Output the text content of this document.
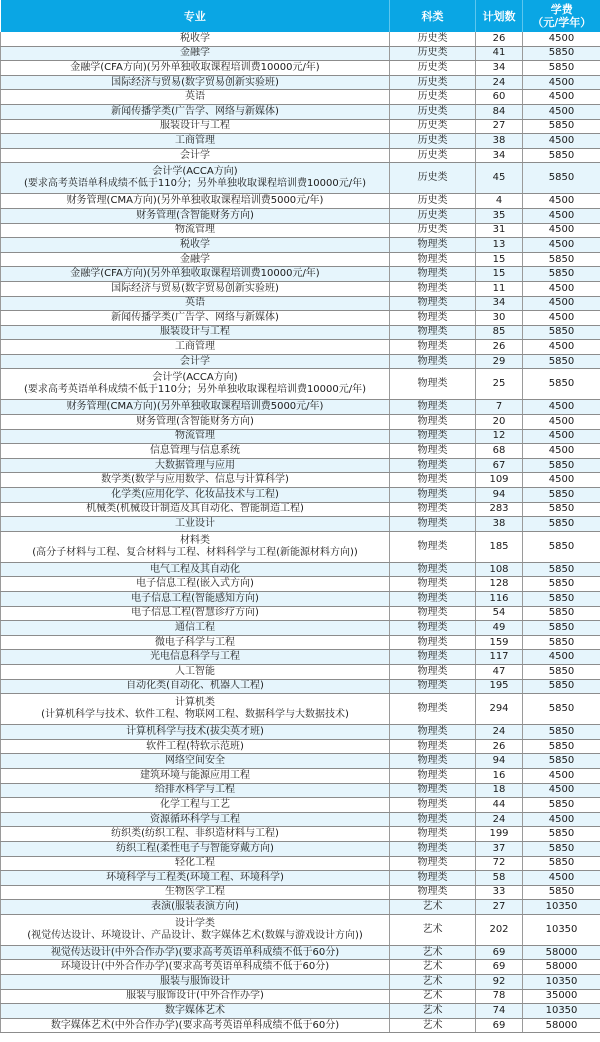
专业	科类	计划数	学费
（元/学年）

税收学	历史类	26	4500

金融学	历史类	41	5850

金融学(CFA方向)(另外单独收取课程培训费10000元/年)	历史类	34	5850

国际经济与贸易(数字贸易创新实验班)	历史类	24	4500

英语	历史类	60	4500

新闻传播学类(广告学、网络与新媒体)	历史类	84	4500

服装设计与工程	历史类	27	5850

工商管理	历史类	38	4500

会计学	历史类	34	5850

会计学(ACCA方向)
(要求高考英语单科成绩不低于110分；另外单独收取课程培训费10000元/年)	历史类	45	5850

财务管理(CMA方向)(另外单独收取课程培训费5000元/年)	历史类	4	4500

财务管理(含智能财务方向)	历史类	35	4500

物流管理	历史类	31	4500

税收学	物理类	13	4500

金融学	物理类	15	5850

金融学(CFA方向)(另外单独收取课程培训费10000元/年)	物理类	15	5850

国际经济与贸易(数字贸易创新实验班)	物理类	11	4500

英语	物理类	34	4500

新闻传播学类(广告学、网络与新媒体)	物理类	30	4500

服装设计与工程	物理类	85	5850

工商管理	物理类	26	4500

会计学	物理类	29	5850

会计学(ACCA方向)
(要求高考英语单科成绩不低于110分；另外单独收取课程培训费10000元/年)	物理类	25	5850

财务管理(CMA方向)(另外单独收取课程培训费5000元/年)	物理类	7	4500

财务管理(含智能财务方向)	物理类	20	4500

物流管理	物理类	12	4500

信息管理与信息系统	物理类	68	4500

大数据管理与应用	物理类	67	5850

数学类(数学与应用数学、信息与计算科学)	物理类	109	4500

化学类(应用化学、化妆品技术与工程)	物理类	94	5850

机械类(机械设计制造及其自动化、智能制造工程)	物理类	283	5850

工业设计	物理类	38	5850

材料类
(高分子材料与工程、复合材料与工程、材料科学与工程(新能源材料方向))	物理类	185	5850

电气工程及其自动化	物理类	108	5850

电子信息工程(嵌入式方向)	物理类	128	5850

电子信息工程(智能感知方向)	物理类	116	5850

电子信息工程(智慧诊疗方向)	物理类	54	5850

通信工程	物理类	49	5850

微电子科学与工程	物理类	159	5850

光电信息科学与工程	物理类	117	4500

人工智能	物理类	47	5850

自动化类(自动化、机器人工程)	物理类	195	5850

计算机类
(计算机科学与技术、软件工程、物联网工程、数据科学与大数据技术)	物理类	294	5850

计算机科学与技术(拔尖英才班)	物理类	24	5850

软件工程(特软示范班)	物理类	26	5850

网络空间安全	物理类	94	5850

建筑环境与能源应用工程	物理类	16	4500

给排水科学与工程	物理类	18	4500

化学工程与工艺	物理类	44	5850

资源循环科学与工程	物理类	24	4500

纺织类(纺织工程、非织造材料与工程)	物理类	199	5850

纺织工程(柔性电子与智能穿戴方向)	物理类	37	5850

轻化工程	物理类	72	5850

环境科学与工程类(环境工程、环境科学)	物理类	58	4500

生物医学工程	物理类	33	5850

表演(服装表演方向)	艺术	27	10350

设计学类
(视觉传达设计、环境设计、产品设计、数字媒体艺术(数媒与游戏设计方向))	艺术	202	10350

视觉传达设计(中外合作办学)(要求高考英语单科成绩不低于60分)	艺术	69	58000

环境设计(中外合作办学)(要求高考英语单科成绩不低于60分)	艺术	69	58000

服装与服饰设计	艺术	92	10350

服装与服饰设计(中外合作办学)	艺术	78	35000

数字媒体艺术	艺术	74	10350

数字媒体艺术(中外合作办学)(要求高考英语单科成绩不低于60分)	艺术	69	58000
